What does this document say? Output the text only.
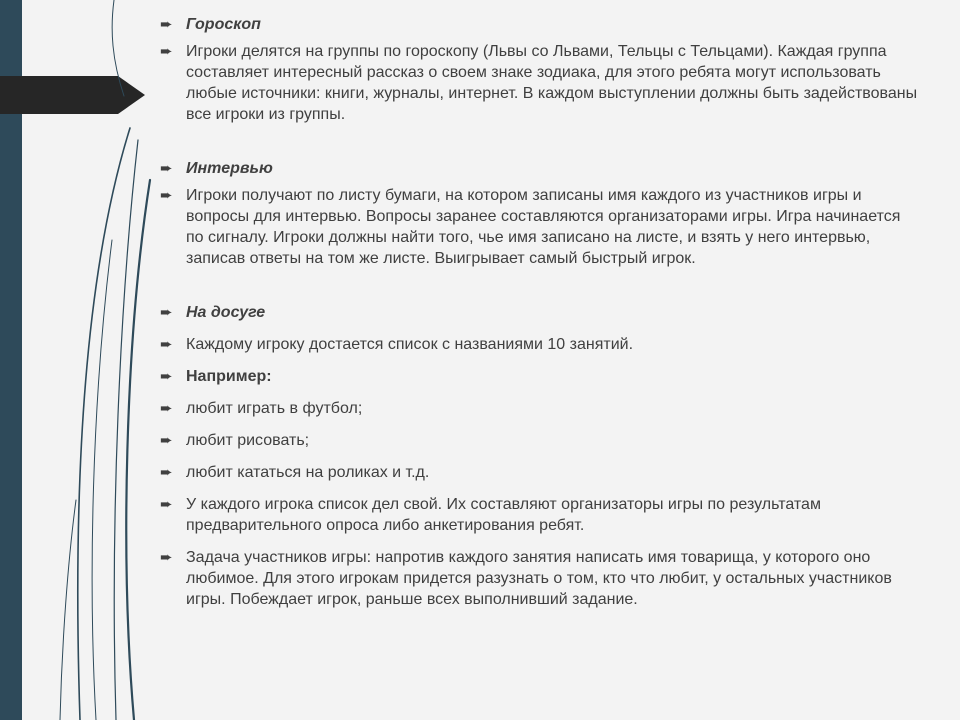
➨ Гороскоп
➨ Игроки делятся на группы по гороскопу (Львы со Львами, Тельцы с Тельцами). Каждая группа составляет интересный рассказ о своем знаке зодиака, для этого ребята могут использовать любые источники: книги, журналы, интернет. В каждом выступлении должны быть задействованы все игроки из группы.
➨ Интервью
➨ Игроки получают по листу бумаги, на котором записаны имя каждого из участников игры и вопросы для интервью. Вопросы заранее составляются организаторами игры. Игра начинается по сигналу. Игроки должны найти того, чье имя записано на листе, и взять у него интервью, записав ответы на том же листе. Выигрывает самый быстрый игрок.
➨ На досуге
➨ Каждому игроку достается список с названиями 10 занятий.
➨ Например:
➨ любит играть в футбол;
➨ любит рисовать;
➨ любит кататься на роликах и т.д.
➨ У каждого игрока список дел свой. Их составляют организаторы игры по результатам предварительного опроса либо анкетирования ребят.
➨ Задача участников игры: напротив каждого занятия написать имя товарища, у которого оно любимое. Для этого игрокам придется разузнать о том, кто что любит, у остальных участников игры. Побеждает игрок, раньше всех выполнивший задание.
